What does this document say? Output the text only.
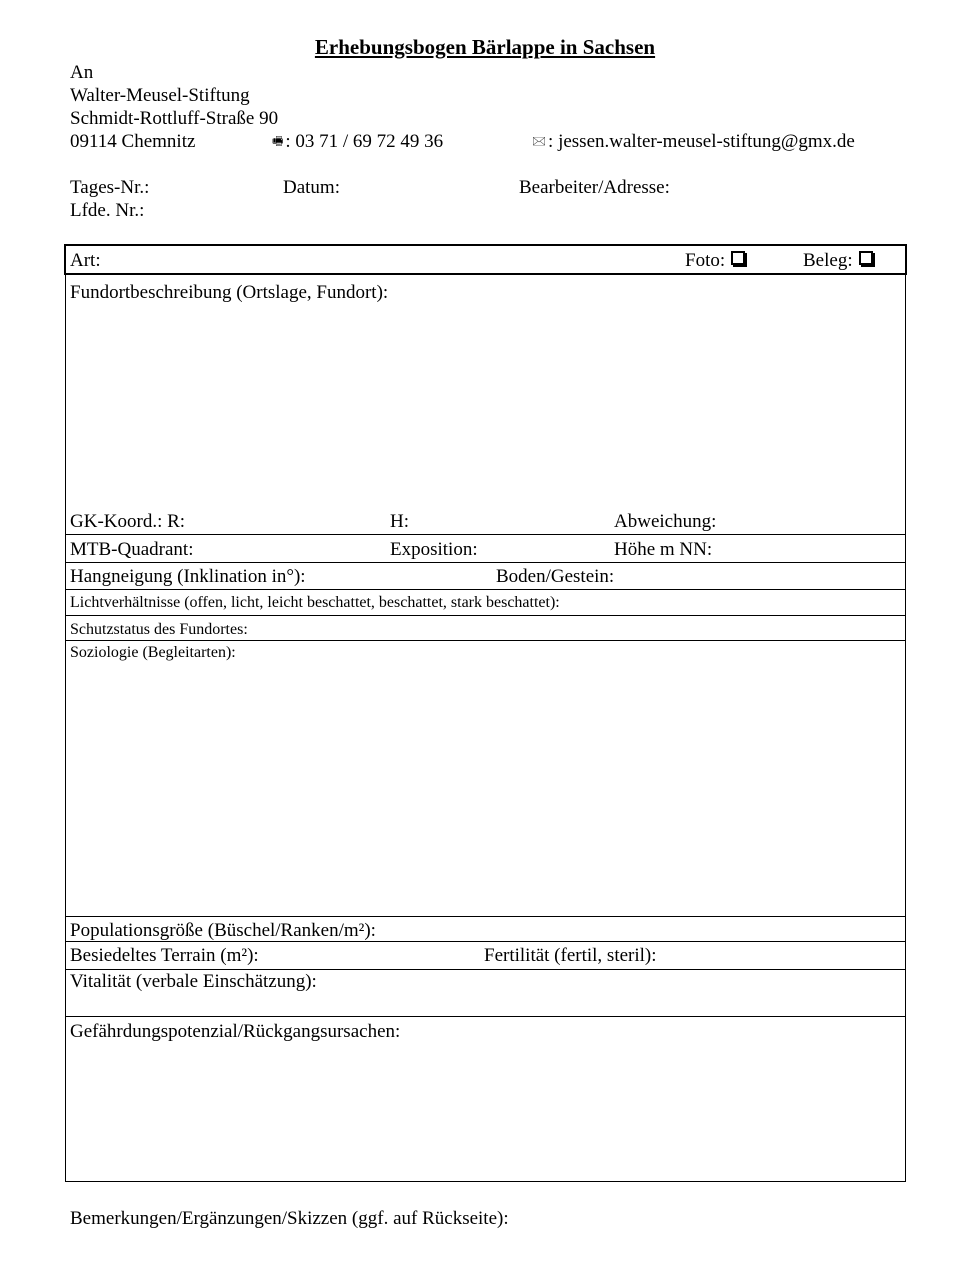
Erhebungsbogen Bärlappe in Sachsen
An
Walter-Meusel-Stiftung
Schmidt-Rottluff-Straße 90
09114 Chemnitz	🖷 : 03 71 / 69 72 49 36	🖂 : jessen.walter-meusel-stiftung@gmx.de
Tages-Nr.:	Datum:	Bearbeiter/Adresse:
Lfde. Nr.:
Art:	Foto:	Beleg:
Fundortbeschreibung (Ortslage, Fundort):
GK-Koord.: R:	H:	Abweichung:
MTB-Quadrant:	Exposition:	Höhe m NN:
Hangneigung (Inklination in°):	Boden/Gestein:
Lichtverhältnisse (offen, licht, leicht beschattet, beschattet, stark beschattet):
Schutzstatus des Fundortes:
Soziologie (Begleitarten):
Populationsgröße (Büschel/Ranken/m²):
Besiedeltes Terrain (m²):	Fertilität (fertil, steril):
Vitalität (verbale Einschätzung):
Gefährdungspotenzial/Rückgangsursachen:
Bemerkungen/Ergänzungen/Skizzen (ggf. auf Rückseite):
